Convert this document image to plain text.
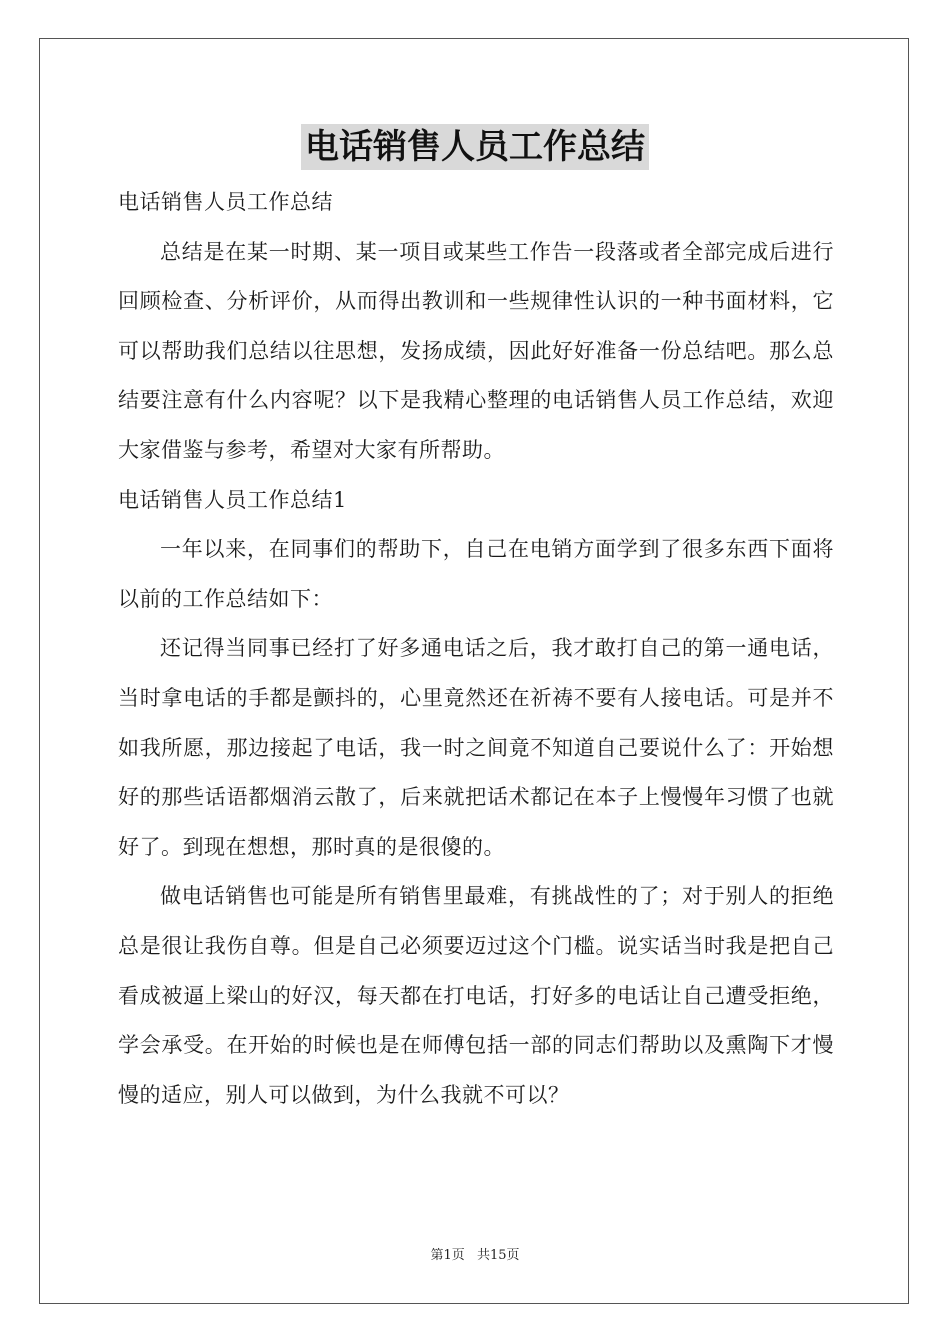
电话销售人员工作总结
电话销售人员工作总结

总结是在某一时期、某一项目或某些工作告一段落或者全部完成后进行回顾检查、分析评价，从而得出教训和一些规律性认识的一种书面材料，它可以帮助我们总结以往思想，发扬成绩，因此好好准备一份总结吧。那么总结要注意有什么内容呢？以下是我精心整理的电话销售人员工作总结，欢迎大家借鉴与参考，希望对大家有所帮助。

电话销售人员工作总结1

一年以来，在同事们的帮助下，自己在电销方面学到了很多东西下面将以前的工作总结如下：

还记得当同事已经打了好多通电话之后，我才敢打自己的第一通电话，当时拿电话的手都是颤抖的，心里竟然还在祈祷不要有人接电话。可是并不如我所愿，那边接起了电话，我一时之间竟不知道自己要说什么了：开始想好的那些话语都烟消云散了，后来就把话术都记在本子上慢慢年习惯了也就好了。到现在想想，那时真的是很傻的。

做电话销售也可能是所有销售里最难，有挑战性的了；对于别人的拒绝总是很让我伤自尊。但是自己必须要迈过这个门槛。说实话当时我是把自己看成被逼上梁山的好汉，每天都在打电话，打好多的电话让自己遭受拒绝，学会承受。在开始的时候也是在师傅包括一部的同志们帮助以及熏陶下才慢慢的适应，别人可以做到，为什么我就不可以？

第1页 共15页
